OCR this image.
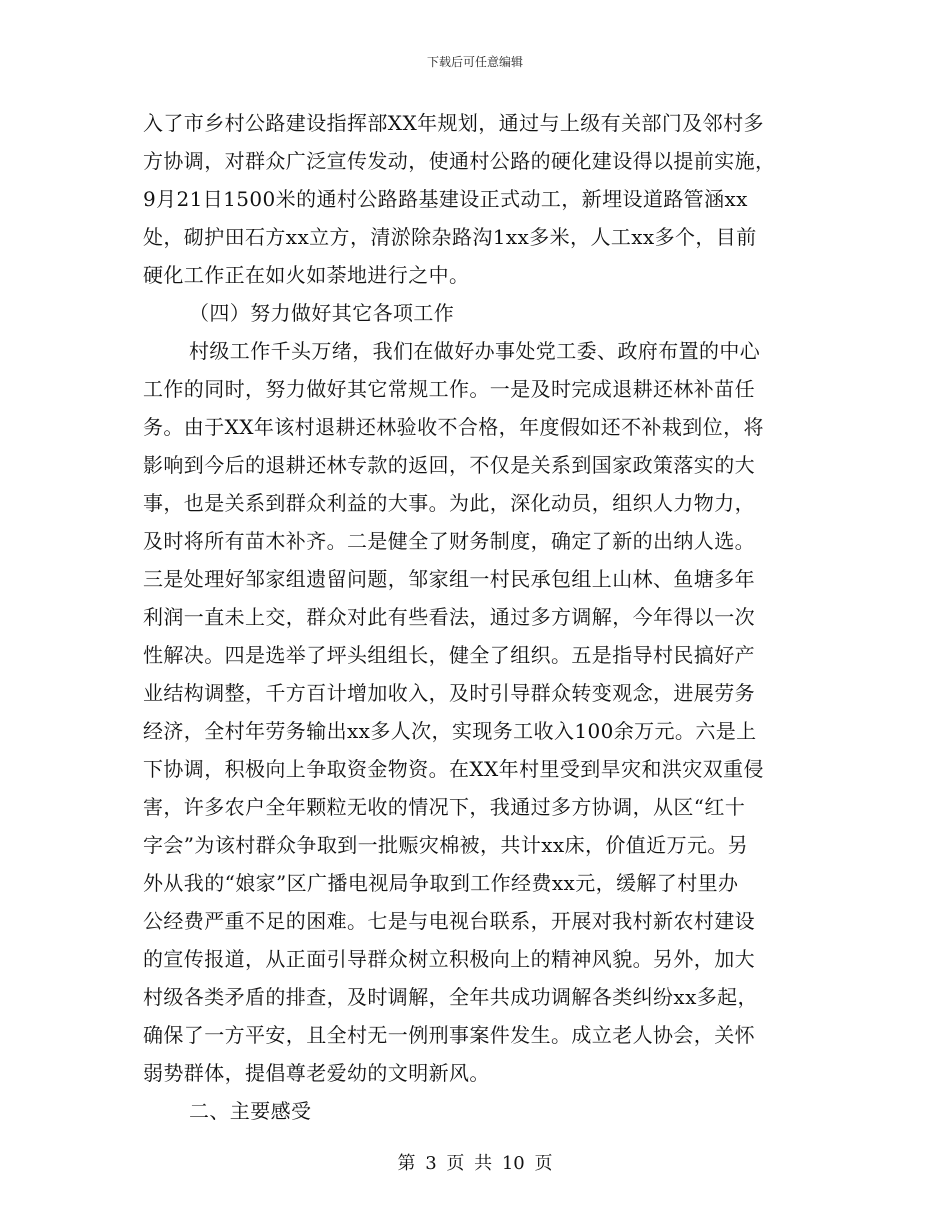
下载后可任意编辑
入了市乡村公路建设指挥部XX年规划，通过与上级有关部门及邻村多
方协调，对群众广泛宣传发动，使通村公路的硬化建设得以提前实施，
9月21日1500米的通村公路路基建设正式动工，新埋设道路管涵xx
处，砌护田石方xx立方，清淤除杂路沟1xx多米，人工xx多个，目前
硬化工作正在如火如荼地进行之中。
（四）努力做好其它各项工作
村级工作千头万绪，我们在做好办事处党工委、政府布置的中心
工作的同时，努力做好其它常规工作。一是及时完成退耕还林补苗任
务。由于XX年该村退耕还林验收不合格，年度假如还不补栽到位，将
影响到今后的退耕还林专款的返回，不仅是关系到国家政策落实的大
事，也是关系到群众利益的大事。为此，深化动员，组织人力物力，
及时将所有苗木补齐。二是健全了财务制度，确定了新的出纳人选。
三是处理好邹家组遗留问题，邹家组一村民承包组上山林、鱼塘多年
利润一直未上交，群众对此有些看法，通过多方调解，今年得以一次
性解决。四是选举了坪头组组长，健全了组织。五是指导村民搞好产
业结构调整，千方百计增加收入，及时引导群众转变观念，进展劳务
经济，全村年劳务输出xx多人次，实现务工收入100余万元。六是上
下协调，积极向上争取资金物资。在XX年村里受到旱灾和洪灾双重侵
害，许多农户全年颗粒无收的情况下，我通过多方协调，从区“红十
字会”为该村群众争取到一批赈灾棉被，共计xx床，价值近万元。另
外从我的“娘家”区广播电视局争取到工作经费xx元，缓解了村里办
公经费严重不足的困难。七是与电视台联系，开展对我村新农村建设
的宣传报道，从正面引导群众树立积极向上的精神风貌。另外，加大
村级各类矛盾的排查，及时调解，全年共成功调解各类纠纷xx多起，
确保了一方平安，且全村无一例刑事案件发生。成立老人协会，关怀
弱势群体，提倡尊老爱幼的文明新风。
二、主要感受
第 3 页 共 10 页
